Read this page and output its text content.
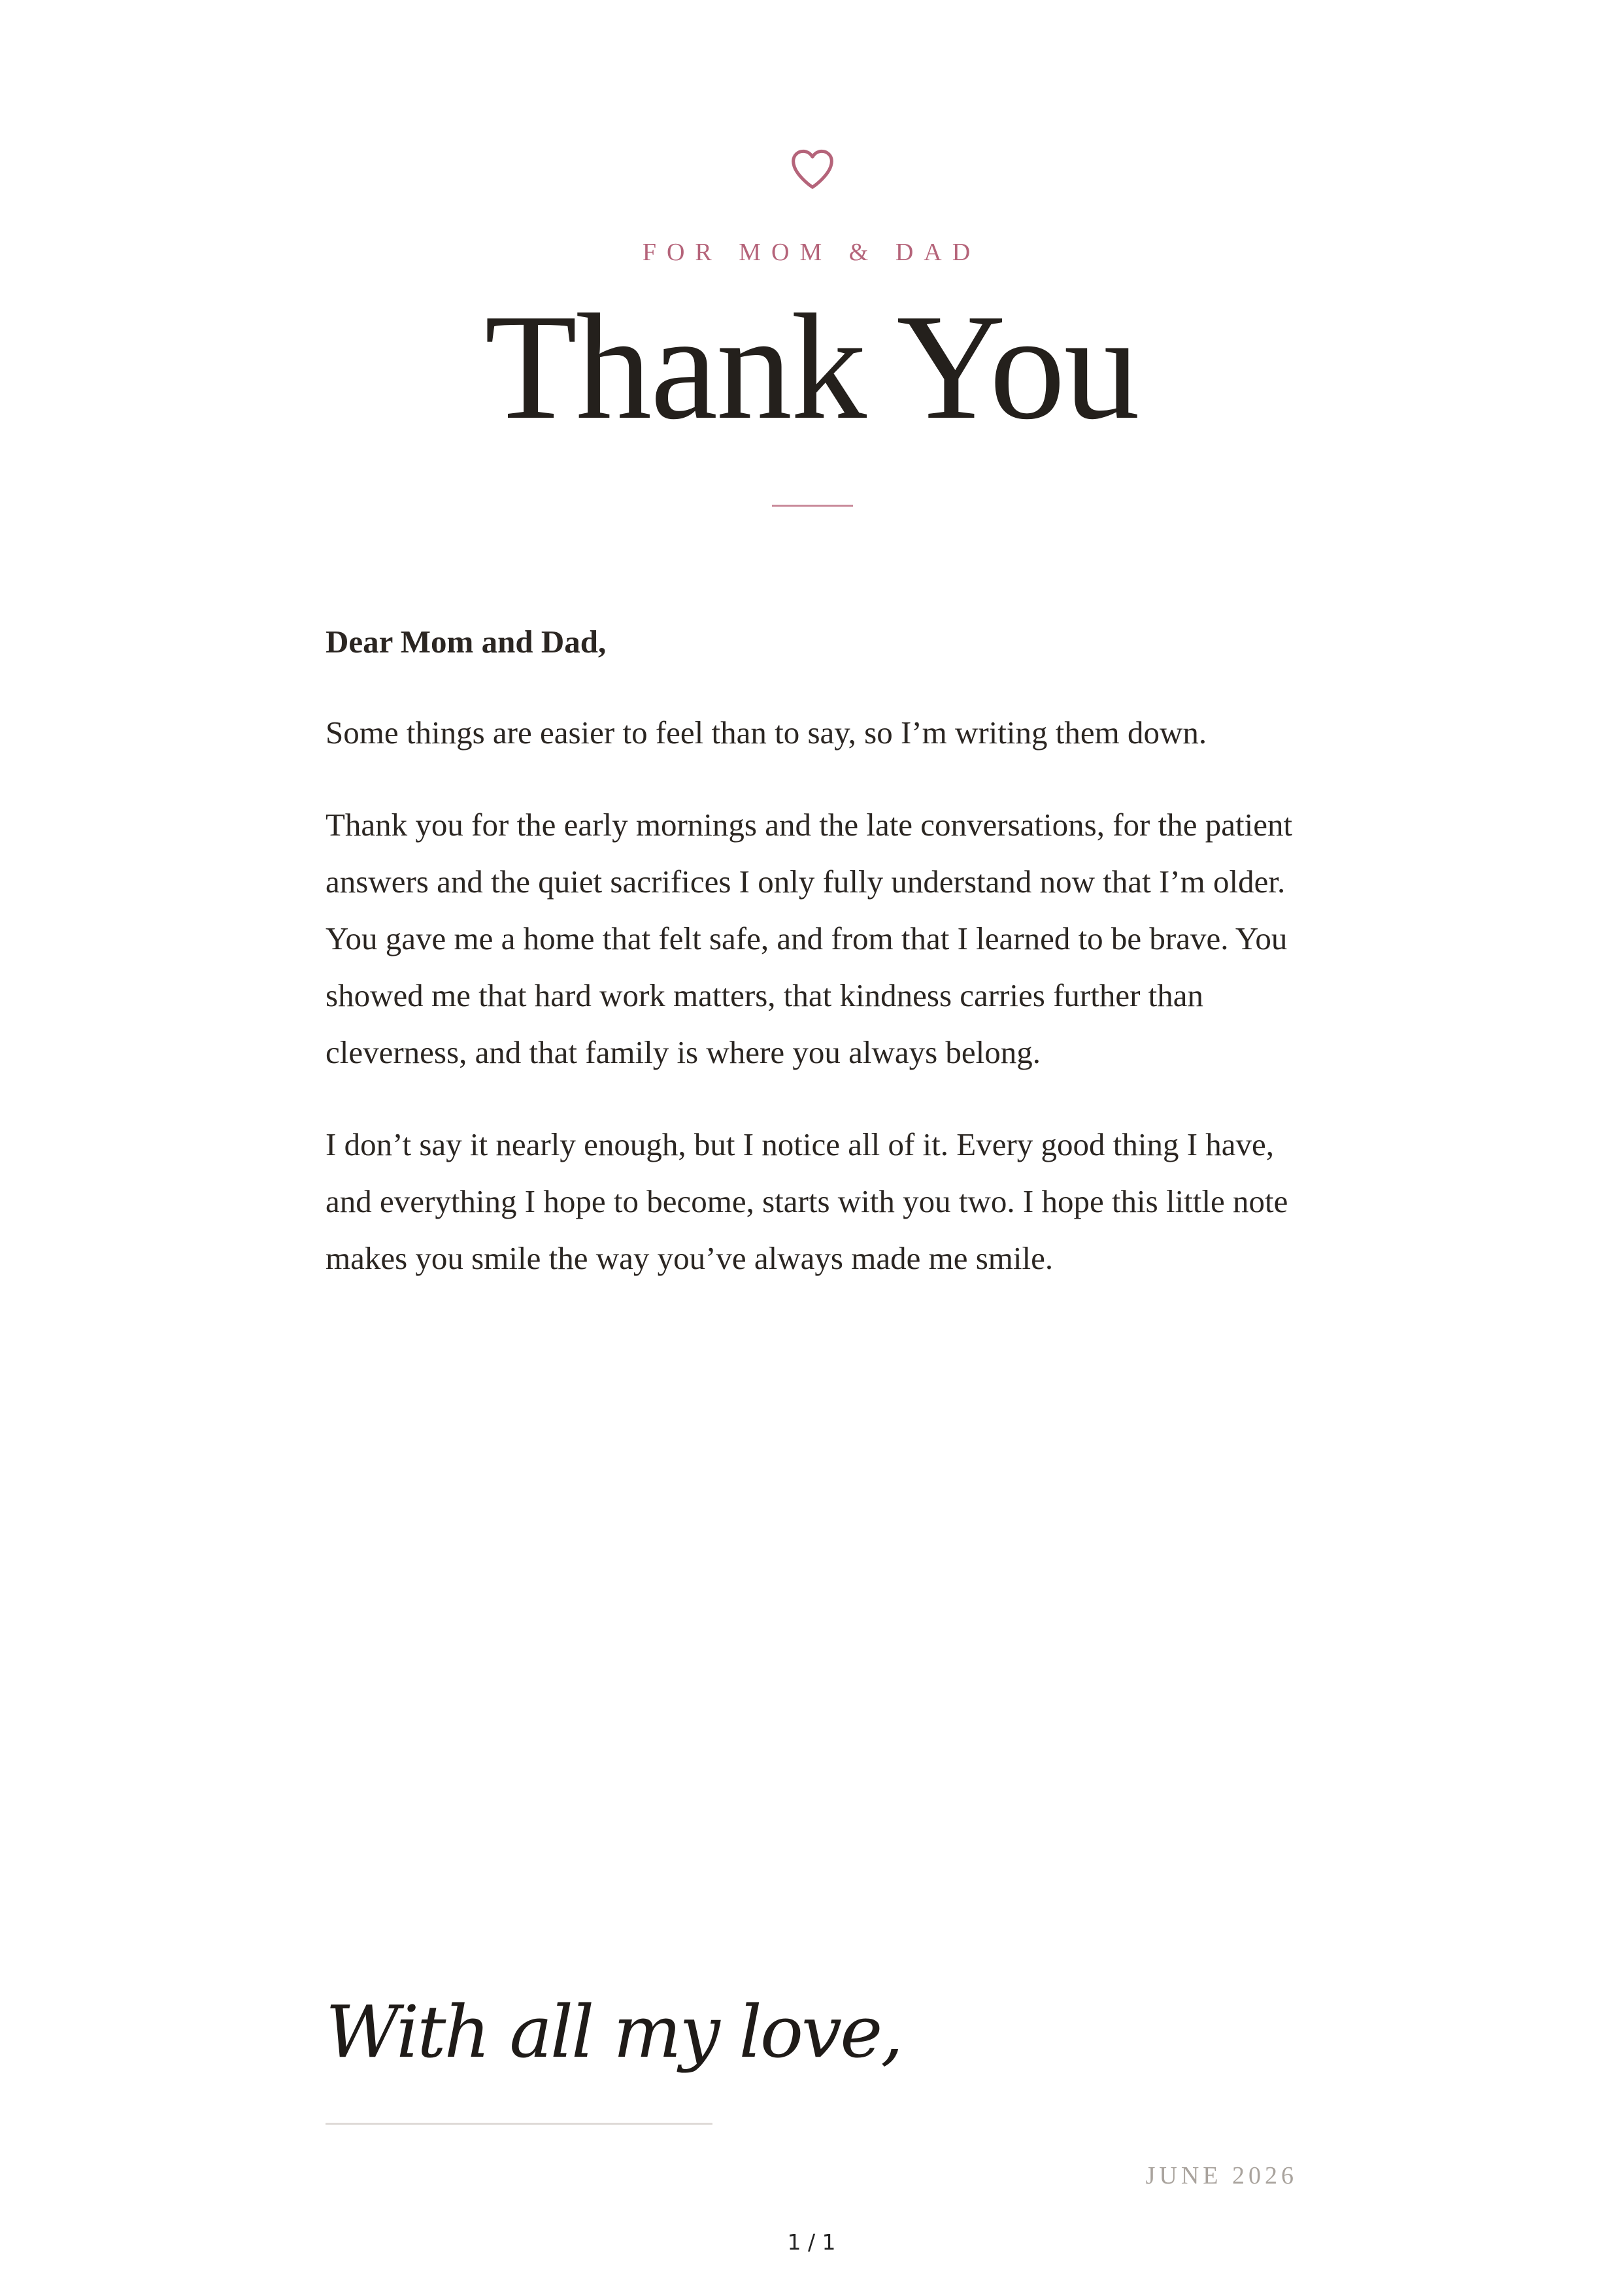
FOR MOM & DAD
Thank You

Dear Mom and Dad,

Some things are easier to feel than to say, so I’m writing them down.

Thank you for the early mornings and the late conversations, for the patient answers and the quiet sacrifices I only fully understand now that I’m older. You gave me a home that felt safe, and from that I learned to be brave. You showed me that hard work matters, that kindness carries further than cleverness, and that family is where you always belong.

I don’t say it nearly enough, but I notice all of it. Every good thing I have, and everything I hope to become, starts with you two. I hope this little note makes you smile the way you’ve always made me smile.

With all my love,
JUNE 2026
1 / 1
